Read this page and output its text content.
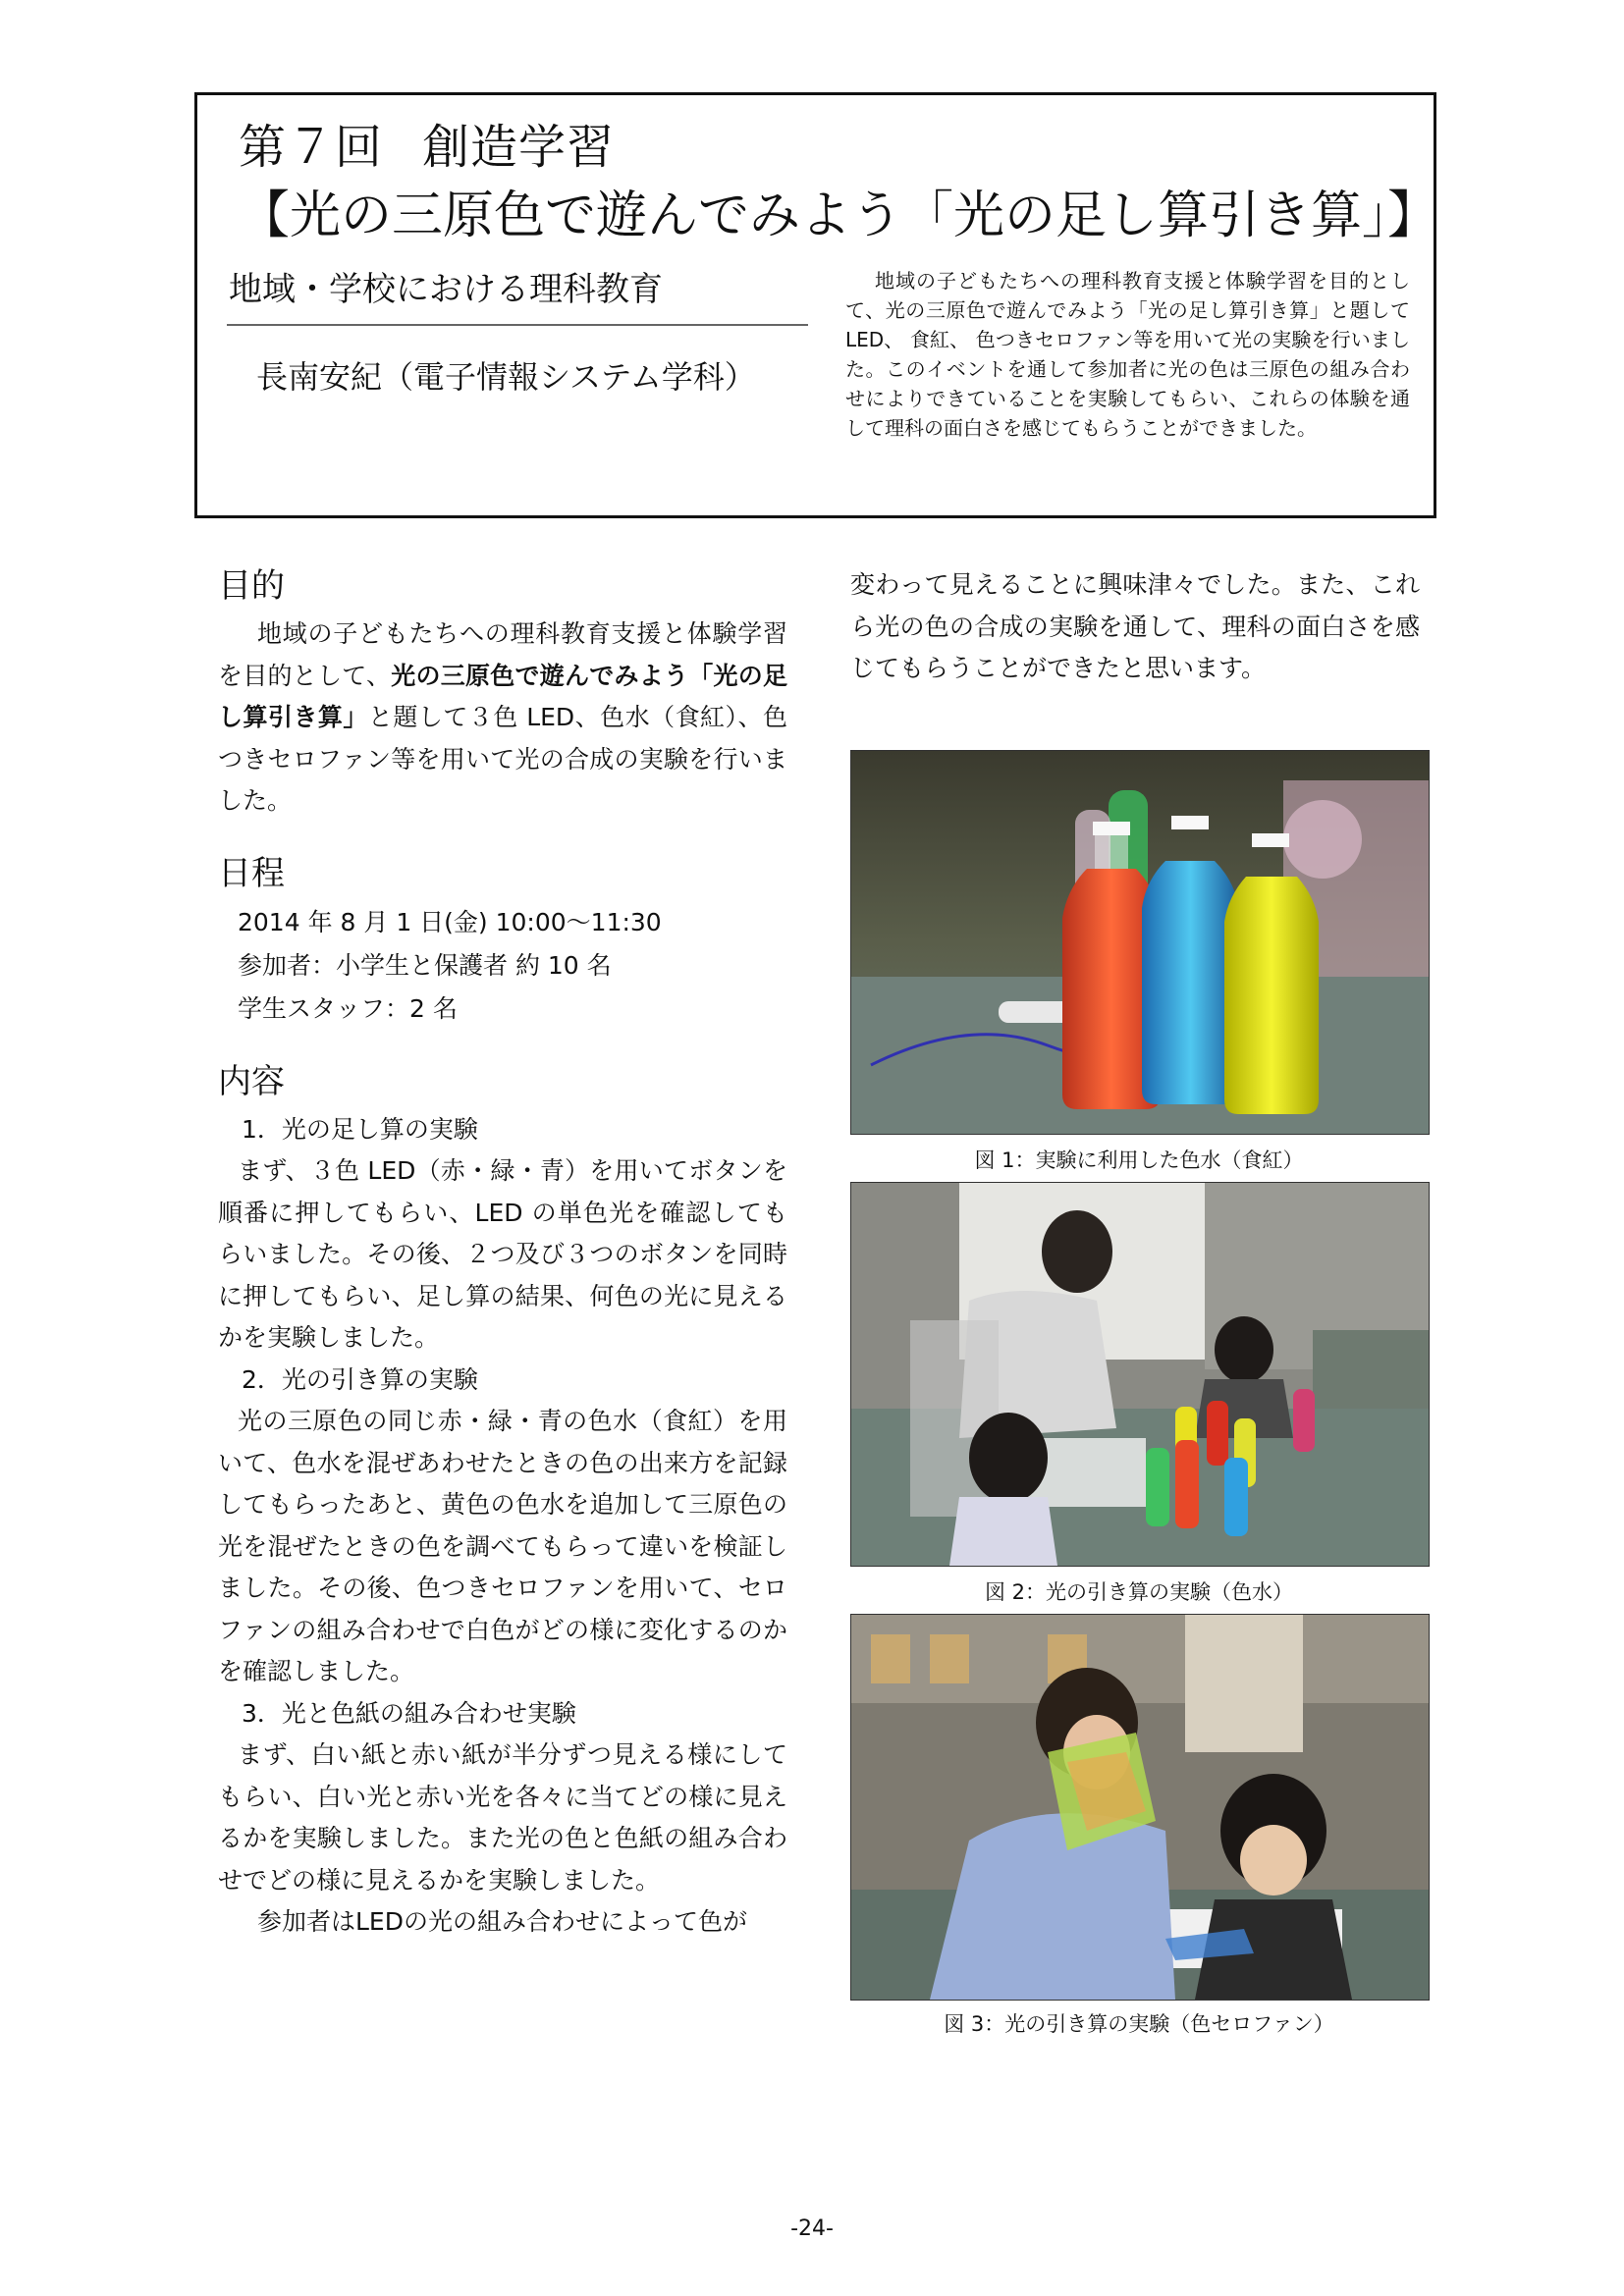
第７回 創造学習
【光の三原色で遊んでみよう「光の足し算引き算」】
地域・学校における理科教育
長南安紀（電子情報システム学科）
地域の子どもたちへの理科教育支援と体験学習を目的として、光の三原色で遊んでみよう「光の足し算引き算」と題して LED、 食紅、 色つきセロファン等を用いて光の実験を行いました。このイベントを通して参加者に光の色は三原色の組み合わせによりできていることを実験してもらい、これらの体験を通して理科の面白さを感じてもらうことができました。
目的

地域の子どもたちへの理科教育支援と体験学習を目的として、光の三原色で遊んでみよう「光の足し算引き算」と題して３色 LED、色水（食紅）、色つきセロファン等を用いて光の合成の実験を行いました。

日程
2014 年 8 月 1 日(金) 10:00～11:30
参加者：小学生と保護者 約 10 名
学生スタッフ：2 名
内容
1．光の足し算の実験

まず、３色 LED（赤・緑・青）を用いてボタンを順番に押してもらい、LED の単色光を確認してもらいました。その後、２つ及び３つのボタンを同時に押してもらい、足し算の結果、何色の光に見えるかを実験しました。

2．光の引き算の実験

光の三原色の同じ赤・緑・青の色水（食紅）を用いて、色水を混ぜあわせたときの色の出来方を記録してもらったあと、黄色の色水を追加して三原色の光を混ぜたときの色を調べてもらって違いを検証しました。その後、色つきセロファンを用いて、セロファンの組み合わせで白色がどの様に変化するのかを確認しました。

3．光と色紙の組み合わせ実験

まず、白い紙と赤い紙が半分ずつ見える様にしてもらい、白い光と赤い光を各々に当てどの様に見えるかを実験しました。また光の色と色紙の組み合わせでどの様に見えるかを実験しました。

参加者はLEDの光の組み合わせによって色が

変わって見えることに興味津々でした。また、これら光の色の合成の実験を通して、理科の面白さを感じてもらうことができたと思います。

図 1：実験に利用した色水（食紅）
図 2：光の引き算の実験（色水）
図 3：光の引き算の実験（色セロファン）
-24-
